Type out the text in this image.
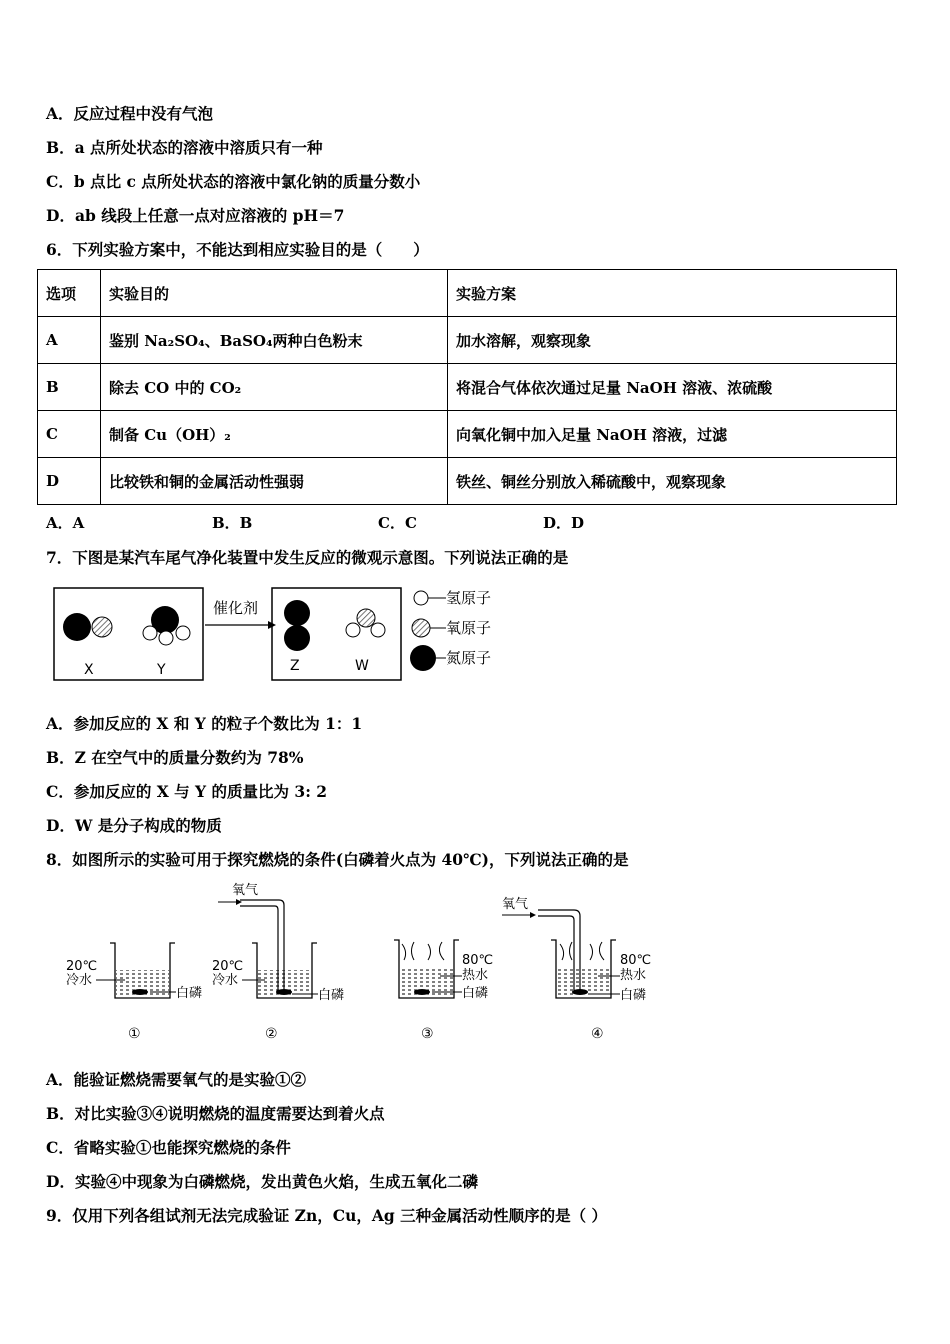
A．反应过程中没有气泡
B．a 点所处状态的溶液中溶质只有一种
C．b 点比 c 点所处状态的溶液中氯化钠的质量分数小
D．ab 线段上任意一点对应溶液的 pH＝7
6．下列实验方案中，不能达到相应实验目的是（　　）
选项	实验目的	实验方案
A	鉴别 Na₂SO₄、BaSO₄两种白色粉末	加水溶解，观察现象
B	除去 CO 中的 CO₂	将混合气体依次通过足量 NaOH 溶液、浓硫酸
C	制备 Cu（OH）₂	向氧化铜中加入足量 NaOH 溶液，过滤
D	比较铁和铜的金属活动性强弱	铁丝、铜丝分别放入稀硫酸中，观察现象
A．A	B．B	C．C	D．D
7．下图是某汽车尾气净化装置中发生反应的微观示意图。下列说法正确的是
X	Y
催化剂
Z	W
氢原子
氧原子
氮原子
A．参加反应的 X 和 Y 的粒子个数比为 1：1
B．Z 在空气中的质量分数约为 78%
C．参加反应的 X 与 Y 的质量比为 3: 2
D．W 是分子构成的物质
8．如图所示的实验可用于探究燃烧的条件(白磷着火点为 40℃)，下列说法正确的是
20℃
冷水
白磷
①
氧气
20℃
冷水
白磷
②
80℃
热水
白磷
③
氧气
80℃
热水
白磷
④
A．能验证燃烧需要氧气的是实验①②
B．对比实验③④说明燃烧的温度需要达到着火点
C．省略实验①也能探究燃烧的条件
D．实验④中现象为白磷燃烧，发出黄色火焰，生成五氧化二磷
9．仅用下列各组试剂无法完成验证 Zn，Cu，Ag 三种金属活动性顺序的是（ ）
